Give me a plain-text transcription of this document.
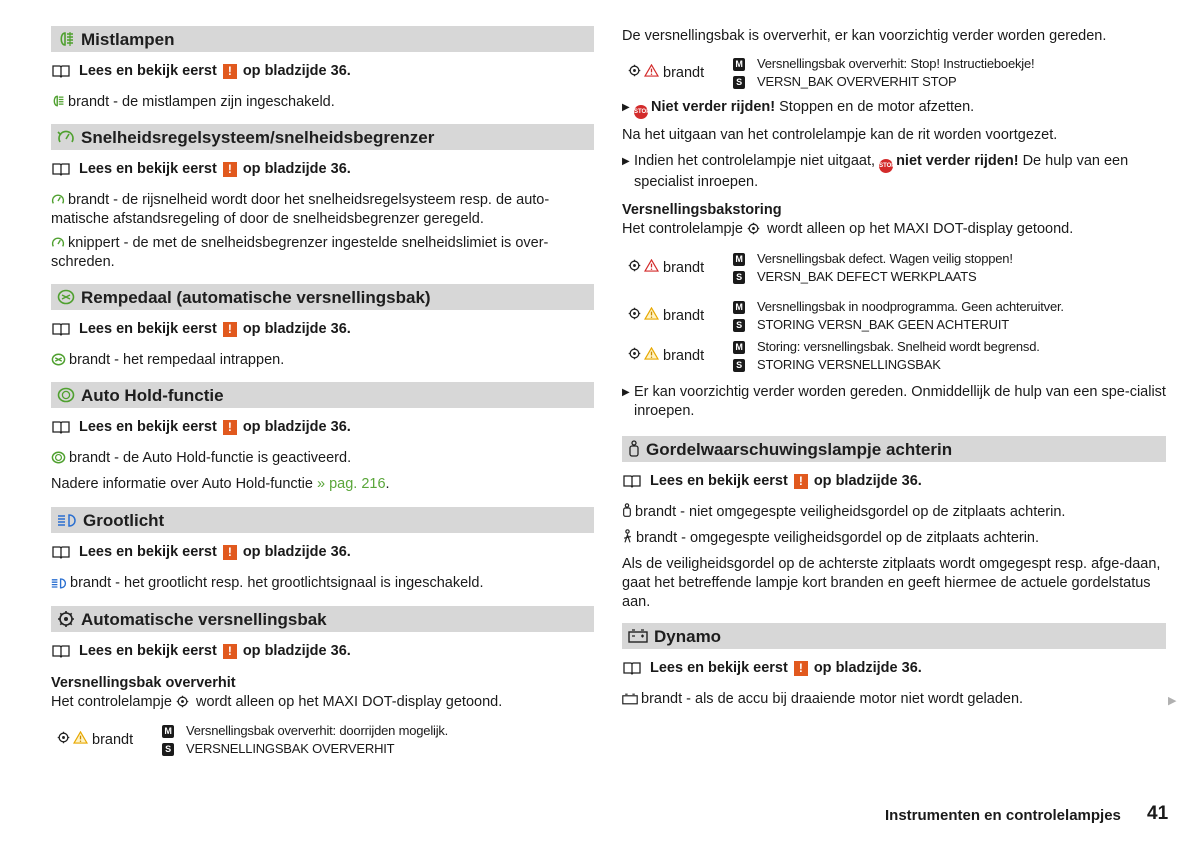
Mistlampen
Lees en bekijk eerst ! op bladzijde 36.
brandt - de mistlampen zijn ingeschakeld.
Snelheidsregelsysteem/snelheidsbegrenzer
Lees en bekijk eerst ! op bladzijde 36.
brandt - de rijsnelheid wordt door het snelheidsregelsysteem resp. de auto-matische afstandsregeling of door de snelheidsbegrenzer geregeld.
knippert - de met de snelheidsbegrenzer ingestelde snelheidslimiet is over-schreden.
Rempedaal (automatische versnellingsbak)
Lees en bekijk eerst ! op bladzijde 36.
brandt - het rempedaal intrappen.
Auto Hold-functie
Lees en bekijk eerst ! op bladzijde 36.
brandt - de Auto Hold-functie is geactiveerd.
Nadere informatie over Auto Hold-functie » pag. 216.
Grootlicht
Lees en bekijk eerst ! op bladzijde 36.
brandt - het grootlicht resp. het grootlichtsignaal is ingeschakeld.
Automatische versnellingsbak
Lees en bekijk eerst ! op bladzijde 36.
Versnellingsbak oververhit
Het controlelampje wordt alleen op het MAXI DOT-display getoond.
brandt
M Versnellingsbak oververhit: doorrijden mogelijk.
S VERSNELLINGSBAK OVERVERHIT
De versnellingsbak is oververhit, er kan voorzichtig verder worden gereden.
brandt
M Versnellingsbak oververhit: Stop! Instructieboekje!
S VERSN_BAK OVERVERHIT STOP
▶ STOPNiet verder rijden! Stoppen en de motor afzetten.
Na het uitgaan van het controlelampje kan de rit worden voortgezet.
▶ Indien het controlelampje niet uitgaat, STOPniet verder rijden! De hulp van een specialist inroepen.
Versnellingsbakstoring
Het controlelampje wordt alleen op het MAXI DOT-display getoond.
brandt
M Versnellingsbak defect. Wagen veilig stoppen!
S VERSN_BAK DEFECT WERKPLAATS
brandt
M Versnellingsbak in noodprogramma. Geen achteruitver.
S STORING VERSN_BAK GEEN ACHTERUIT
brandt
M Storing: versnellingsbak. Snelheid wordt begrensd.
S STORING VERSNELLINGSBAK
▶ Er kan voorzichtig verder worden gereden. Onmiddellijk de hulp van een spe-cialist inroepen.
Gordelwaarschuwingslampje achterin
Lees en bekijk eerst ! op bladzijde 36.
brandt - niet omgegespte veiligheidsgordel op de zitplaats achterin.
brandt - omgegespte veiligheidsgordel op de zitplaats achterin.
Als de veiligheidsgordel op de achterste zitplaats wordt omgegespt resp. afge-daan, gaat het betreffende lampje kort branden en geeft hiermee de actuele gordelstatus aan.
Dynamo
Lees en bekijk eerst ! op bladzijde 36.
brandt - als de accu bij draaiende motor niet wordt geladen.	▶
Instrumenten en controlelampjes 41
